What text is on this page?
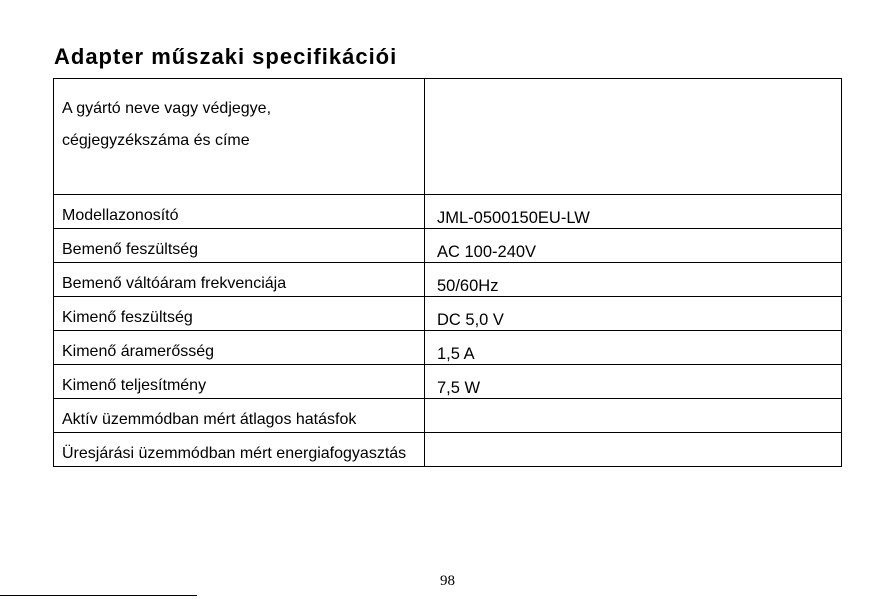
Adapter műszaki specifikációi
A gyártó neve vagy védjegye,
cégjegyzékszáma és címe	

Modellazonosító	JML-0500150EU-LW
Bemenő feszültség	AC 100-240V
Bemenő váltóáram frekvenciája	50/60Hz
Kimenő feszültség	DC 5,0 V
Kimenő áramerősség	1,5 A
Kimenő teljesítmény	7,5 W
Aktív üzemmódban mért átlagos hatásfok	
Üresjárási üzemmódban mért energiafogyasztás	
98
